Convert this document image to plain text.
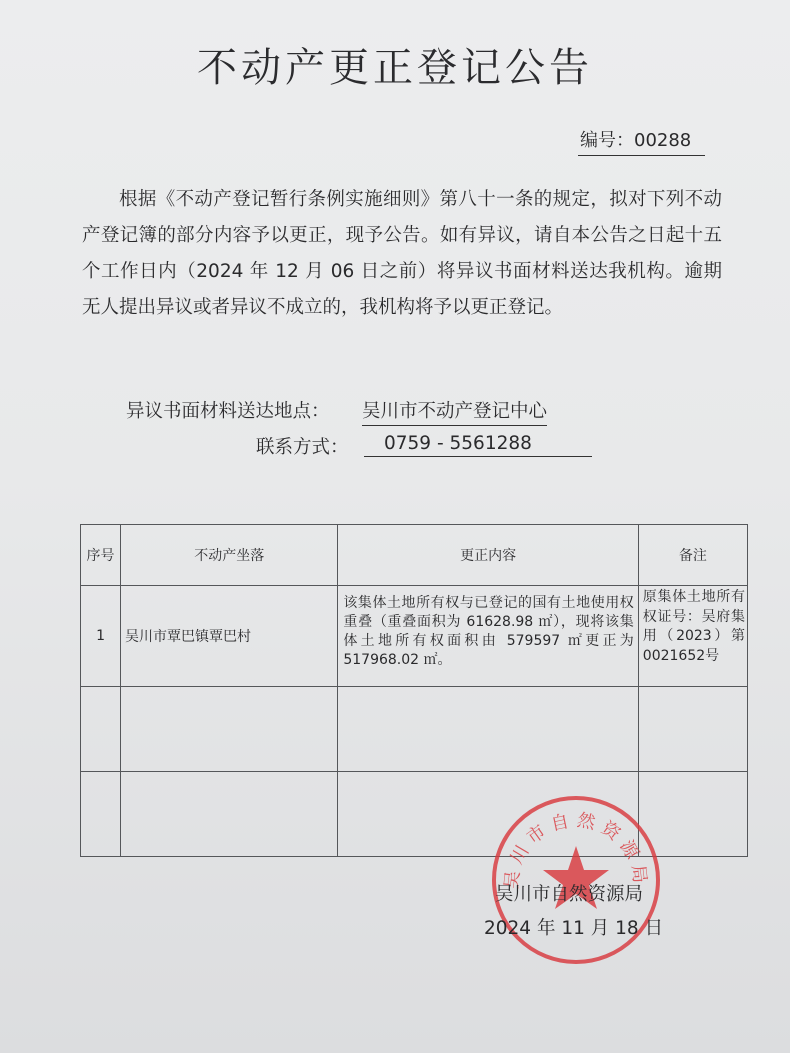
不动产更正登记公告
编号：00288
根据《不动产登记暂行条例实施细则》第八十一条的规定，拟对下列不动产登记簿的部分内容予以更正，现予公告。如有异议，请自本公告之日起十五个工作日内（2024 年 12 月 06 日之前）将异议书面材料送达我机构。逾期无人提出异议或者异议不成立的，我机构将予以更正登记。
异议书面材料送达地点： 吴川市不动产登记中心
联系方式：	0759 - 5561288
序号	不动产坐落	更正内容	备注
1	吴川市覃巴镇覃巴村	该集体土地所有权与已登记的国有土地使用权重叠（重叠面积为 61628.98 ㎡），现将该集体土地所有权面积由 579597 ㎡更正为 517968.02 ㎡。	原集体土地所有权证号：吴府集用（2023）第0021652号

吴川市自然资源局
吴川市自然资源局
2024 年 11 月 18 日
